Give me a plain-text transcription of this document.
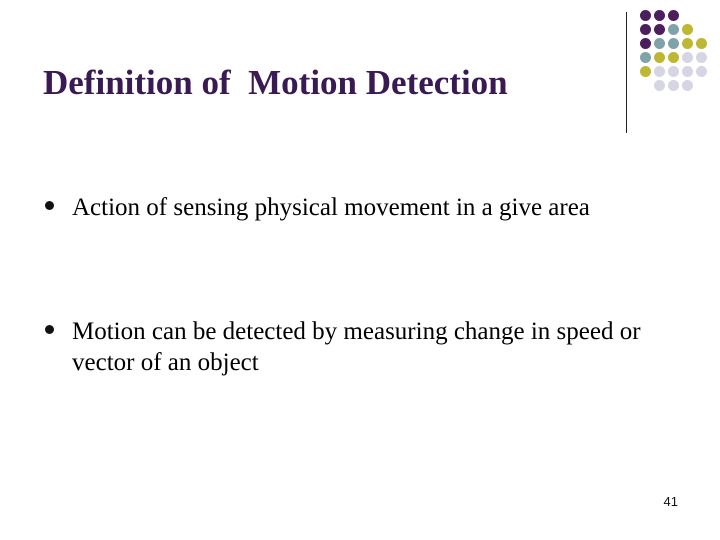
Definition of  Motion Detection
Action of sensing physical movement in a give area
Motion can be detected by measuring change in speed or vector of an object
41
